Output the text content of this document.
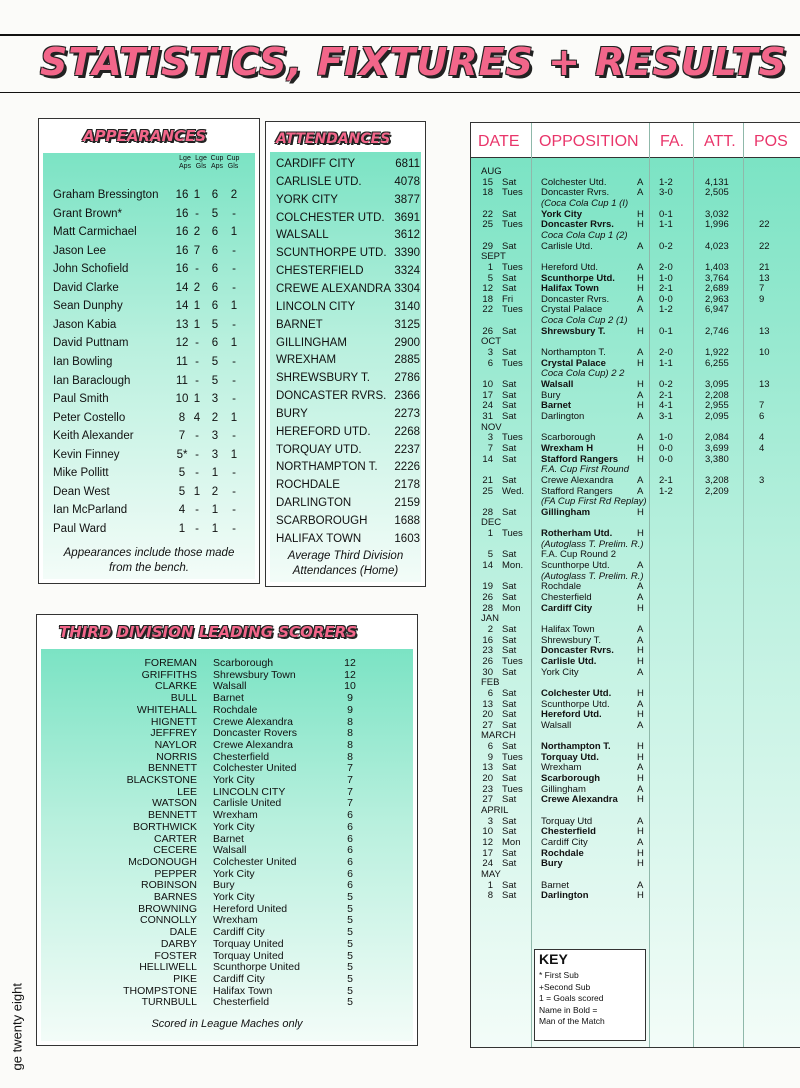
STATISTICS, FIXTURES + RESULTS
APPEARANCES
Lge Aps
Lge Gls
Cup Aps
Cup Gls
Graham Bressington 16 1	6	2
Grant Brown*	16 -	5	-
Matt Carmichael	16 2	6	1
Jason Lee	16 7	6	-
John Schofield	16 -	6	-
David Clarke	14 2	6	-
Sean Dunphy	14 1	6	1
Jason Kabia	13 1	5	-
David Puttnam	12 -	6	1
Ian Bowling	11 -	5	-
Ian Baraclough	11 -	5	-
Paul Smith	10 1	3	-
Peter Costello	8 4	2	1
Keith Alexander	7 -	3	-
Kevin Finney	5* -	3	1
Mike Pollitt	5 -	1	-
Dean West	5 1	2	-
Ian McParland	4 -	1	-
Paul Ward	1 -	1	-
Appearances include those made
from the bench.
ATTENDANCES
CARDIFF CITY	6811
CARLISLE UTD.	4078
YORK CITY	3877
COLCHESTER UTD. 3691
WALSALL	3612
SCUNTHORPE UTD. 3390
CHESTERFIELD	3324
CREWE ALEXANDRA 3304
LINCOLN CITY	3140
BARNET	3125
GILLINGHAM	2900
WREXHAM	2885
SHREWSBURY T.	2786
DONCASTER RVRS. 2366
BURY	2273
HEREFORD UTD.	2268
TORQUAY UTD.	2237
NORTHAMPTON T.	2226
ROCHDALE	2178
DARLINGTON	2159
SCARBOROUGH	1688
HALIFAX TOWN	1603
Average Third Division
Attendances (Home)
THIRD DIVISION LEADING SCORERS
FOREMAN Scarborough	12
GRIFFITHS Shrewsbury Town	12
CLARKE Walsall	10
BULL Barnet	9
WHITEHALL Rochdale	9
HIGNETT Crewe Alexandra	8
JEFFREY Doncaster Rovers	8
NAYLOR Crewe Alexandra	8
NORRIS Chesterfield	8
BENNETT Colchester United	7
BLACKSTONE York City	7
LEE LINCOLN CITY	7
WATSON Carlisle United	7
BENNETT Wrexham	6
BORTHWICK York City	6
CARTER Barnet	6
CECERE Walsall	6
McDONOUGH Colchester United	6
PEPPER York City	6
ROBINSON Bury	6
BARNES York City	5
BROWNING Hereford United	5
CONNOLLY Wrexham	5
DALE Cardiff City	5
DARBY Torquay United	5
FOSTER Torquay United	5
HELLIWELL Scunthorpe United	5
PIKE Cardiff City	5
THOMPSTONE Halifax Town	5
TURNBULL Chesterfield	5
Scored in League Maches only
AUG
15 Sat	Colchester Utd.	A 1-2	4,131
18 Tues Doncaster Rvrs.	A 3-0	2,505
(Coca Cola Cup 1 (I)
22 Sat	York City	H 0-1	3,032
25 Tues Doncaster Rvrs. H 1-1	1,996	22
Coca Cola Cup 1 (2)
29 Sat	Carlisle Utd.	A 0-2	4,023	22
SEPT
1 Tues Hereford Utd.	A 2-0	1,403	21
5 Sat	Scunthorpe Utd. H 1-0	3,764	13
12 Sat	Halifax Town	H 2-1	2,689	7
18 Fri	Doncaster Rvrs.	A 0-0	2,963	9
22 Tues Crystal Palace	A 1-2	6,947
Coca Cola Cup 2 (1)
26 Sat	Shrewsbury T.	H 0-1	2,746	13
OCT
3 Sat	Northampton T.	A 2-0	1,922	10
6 Tues Crystal Palace	H 1-1	6,255
Coca Cola Cup) 2 2
10 Sat	Walsall	H 0-2	3,095	13
17 Sat	Bury	A 2-1	2,208
24 Sat	Barnet	H 4-1	2,955	7
31 Sat	Darlington	A 3-1	2,095	6
NOV
3 Tues Scarborough	A 1-0	2,084	4
7 Sat	Wrexham H	H 0-0	3,699	4
14 Sat	Stafford Rangers H 0-0	3,380
F.A. Cup First Round
21 Sat	Crewe Alexandra A 2-1	3,208	3
25 Wed. Stafford Rangers	A 1-2	2,209
(FA Cup First Rd Replay)
28 Sat	Gillingham	H
DEC
1 Tues Rotherham Utd.	H
(Autoglass T. Prelim. R.)
5 Sat	F.A. Cup Round 2
14 Mon. Scunthorpe Utd.	A
(Autoglass T. Prelim. R.)
19 Sat	Rochdale	A
26 Sat	Chesterfield	A
28 Mon Cardiff City	H
JAN
2 Sat	Halifax Town	A
16 Sat	Shrewsbury T.	A
23 Sat	Doncaster Rvrs. H
26 Tues Carlisle Utd.	H
30 Sat	York City	A
FEB
6 Sat	Colchester Utd.	H
13 Sat	Scunthorpe Utd.	A
20 Sat	Hereford Utd.	H
27 Sat	Walsall	A
MARCH
6 Sat	Northampton T.	H
9 Tues Torquay Utd.	H
13 Sat	Wrexham	A
20 Sat	Scarborough	H
23 Tues Gillingham	A
27 Sat	Crewe Alexandra H
APRIL
3 Sat	Torquay Utd	A
10 Sat	Chesterfield	H
12 Mon Cardiff City	A
17 Sat	Rochdale	H
24 Sat	Bury	H
MAY
1 Sat	Barnet	A
8 Sat	Darlington	H
KEY
* First Sub
+Second Sub
1 = Goals scored
Name in Bold =
Man of the Match
DATE OPPOSITION FA. ATT. POS
ge twenty eight
